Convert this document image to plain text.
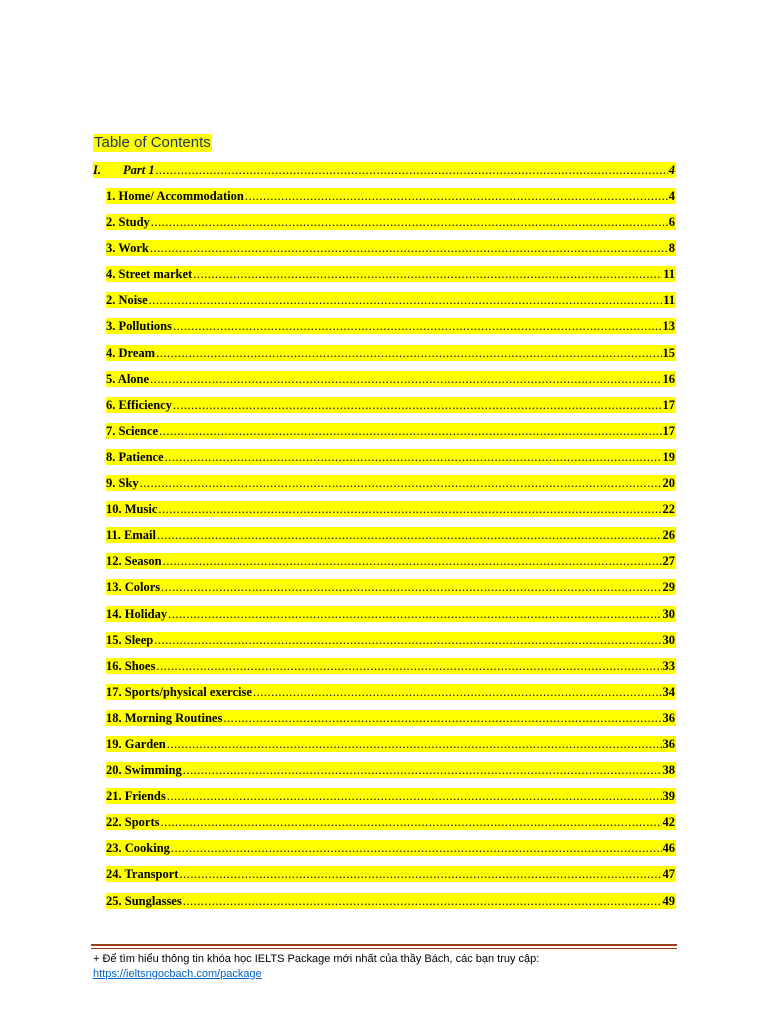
Table of Contents
I.	Part 1 .....	4
1. Home/ Accommodation .....	4
2. Study .....	6
3. Work .....	8
4. Street market .....	11
2. Noise .....	11
3. Pollutions .....	13
4. Dream .....	15
5. Alone .....	16
6. Efficiency .....	17
7. Science .....	17
8. Patience .....	19
9. Sky .....	20
10. Music .....	22
11. Email .....	26
12. Season .....	27
13. Colors .....	29
14. Holiday .....	30
15. Sleep .....	30
16. Shoes .....	33
17. Sports/physical exercise .....	34
18. Morning Routines .....	36
19. Garden .....	36
20. Swimming .....	38
21. Friends .....	39
22. Sports .....	42
23. Cooking .....	46
24. Transport .....	47
25. Sunglasses .....	49
+ Để tìm hiểu thông tin khóa học IELTS Package mới nhất của thầy Bách, các bạn truy cập:
https://ieltsngocbach.com/package
